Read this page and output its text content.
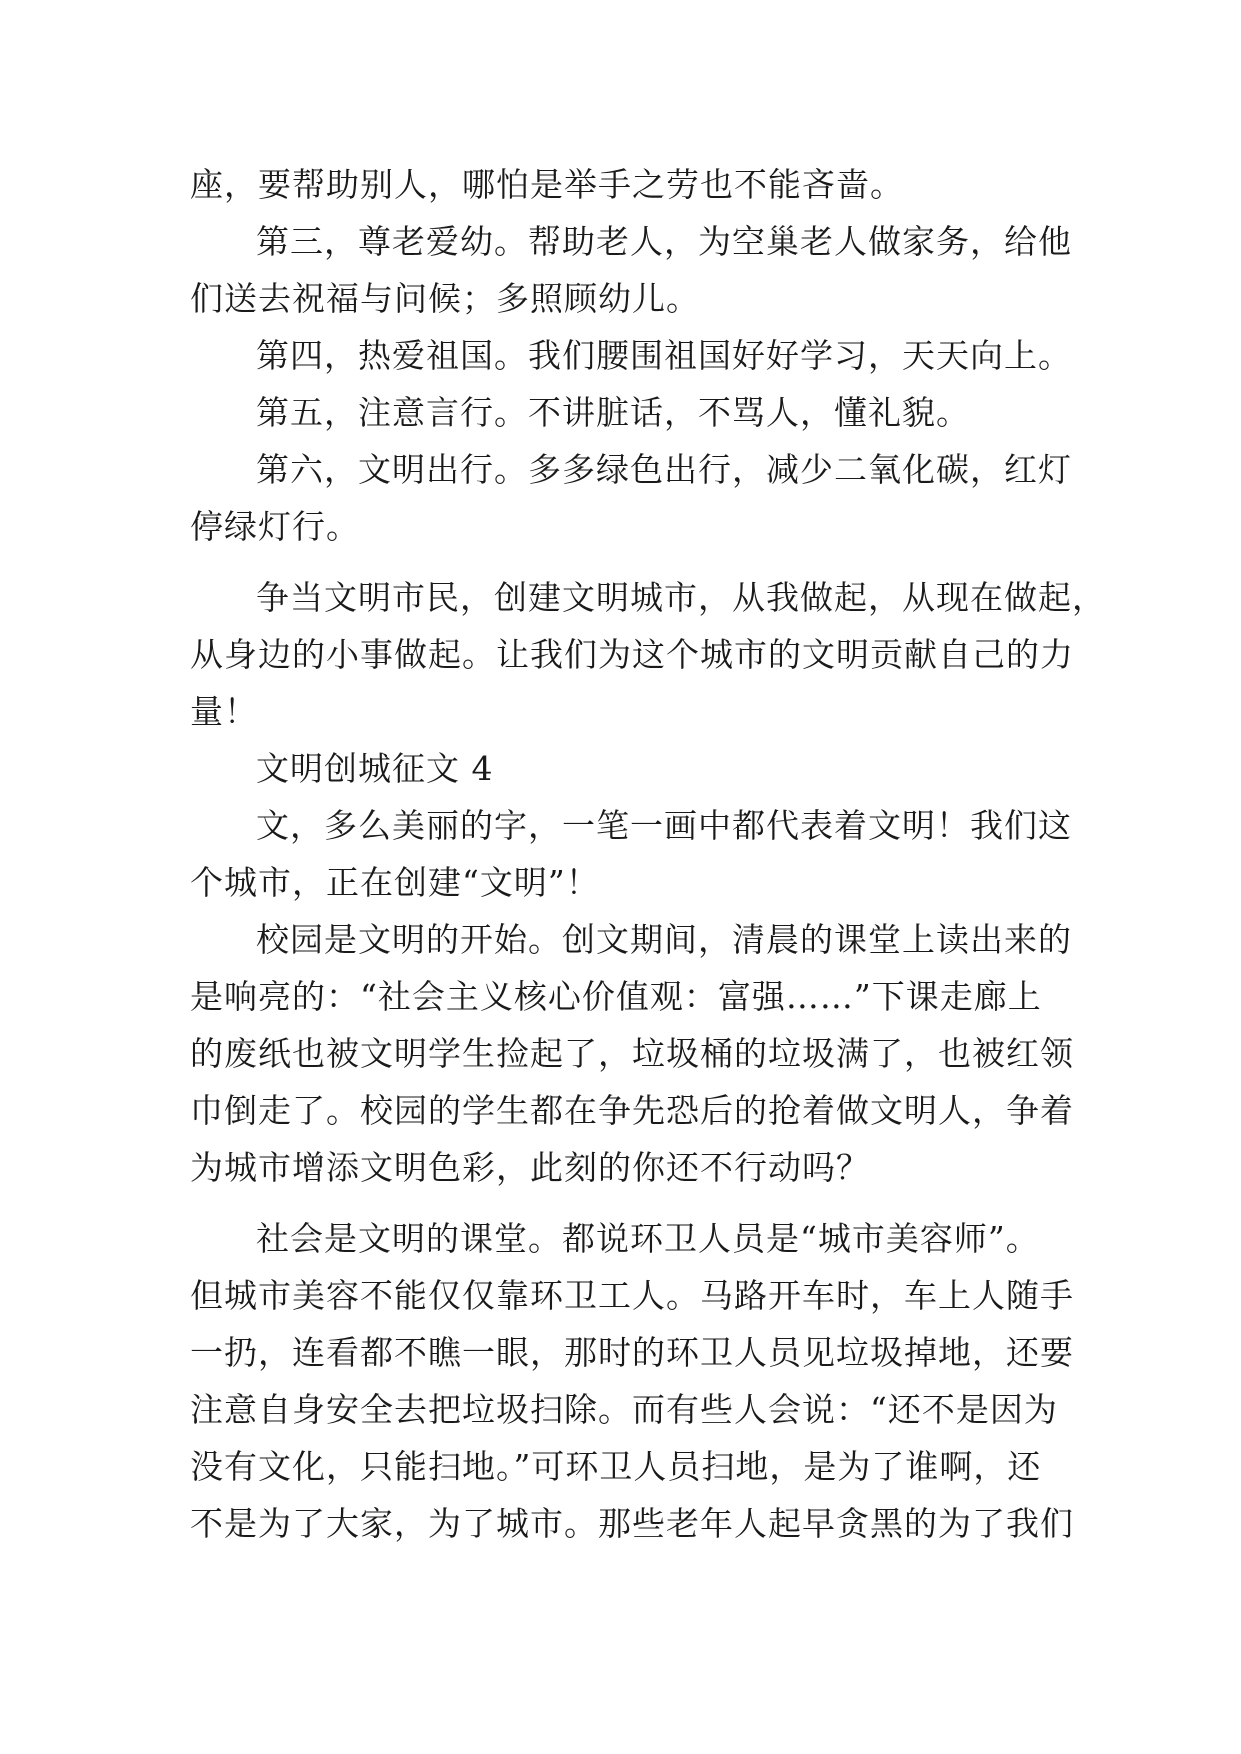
座，要帮助别人，哪怕是举手之劳也不能吝啬。
第三，尊老爱幼。帮助老人，为空巢老人做家务，给他
们送去祝福与问候；多照顾幼儿。
第四，热爱祖国。我们腰围祖国好好学习，天天向上。
第五，注意言行。不讲脏话，不骂人，懂礼貌。
第六，文明出行。多多绿色出行，减少二氧化碳，红灯
停绿灯行。
争当文明市民，创建文明城市，从我做起，从现在做起，
从身边的小事做起。让我们为这个城市的文明贡献自己的力
量！
文明创城征文 4
文，多么美丽的字，一笔一画中都代表着文明！我们这
个城市，正在创建“文明”！
校园是文明的开始。创文期间，清晨的课堂上读出来的
是响亮的：“社会主义核心价值观：富强……”下课走廊上
的废纸也被文明学生捡起了，垃圾桶的垃圾满了，也被红领
巾倒走了。校园的学生都在争先恐后的抢着做文明人，争着
为城市增添文明色彩，此刻的你还不行动吗？
社会是文明的课堂。都说环卫人员是“城市美容师”。
但城市美容不能仅仅靠环卫工人。马路开车时，车上人随手
一扔，连看都不瞧一眼，那时的环卫人员见垃圾掉地，还要
注意自身安全去把垃圾扫除。而有些人会说：“还不是因为
没有文化，只能扫地。”可环卫人员扫地，是为了谁啊，还
不是为了大家，为了城市。那些老年人起早贪黑的为了我们
